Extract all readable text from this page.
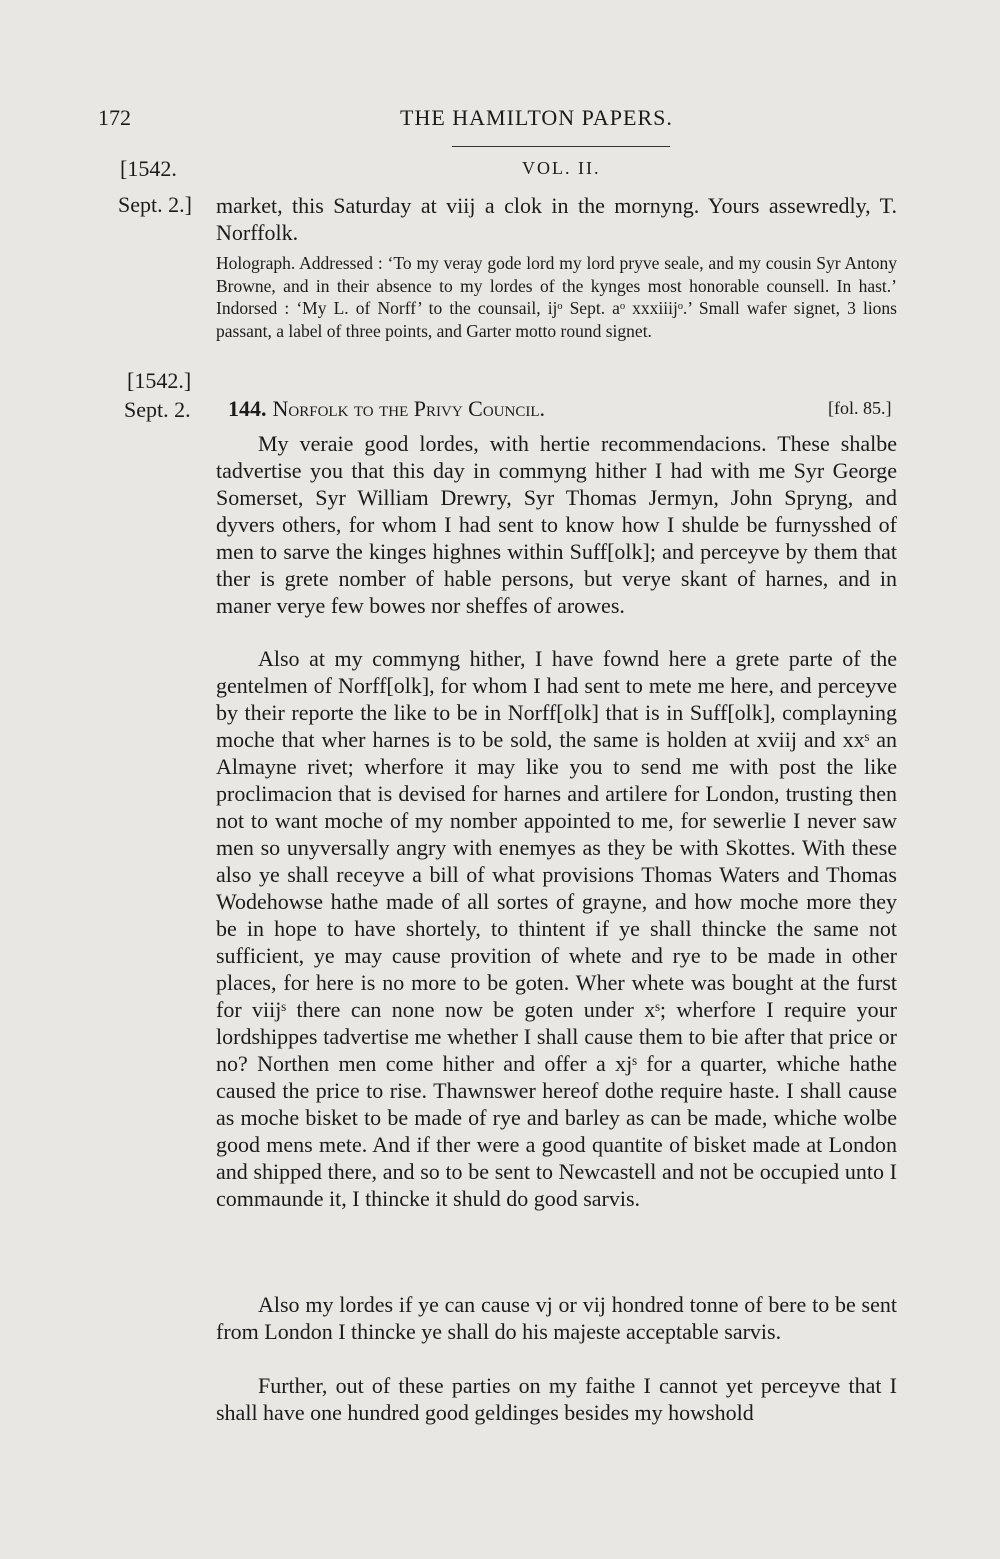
172	THE HAMILTON PAPERS.
[1542.	VOL. II.
Sept. 2.] market, this Saturday at viij a clok in the mornyng. Yours assewredly, T. Norffolk.
Holograph. Addressed : ‘To my veray gode lord my lord pryve seale, and my cousin Syr Antony Browne, and in their absence to my lordes of the kynges most honorable counsell. In hast.’ Indorsed : ‘My L. of Norff’ to the counsail, ijᵒ Sept. aᵒ xxxiiijᵒ.’ Small wafer signet, 3 lions passant, a label of three points, and Garter motto round signet.
[1542.]
Sept. 2. 144. Norfolk to the Privy Council.	[fol. 85.]

My veraie good lordes, with hertie recommendacions. These shalbe tadvertise you that this day in commyng hither I had with me Syr George Somerset, Syr William Drewry, Syr Thomas Jermyn, John Spryng, and dyvers others, for whom I had sent to know how I shulde be furnysshed of men to sarve the kinges highnes within Suff[olk]; and perceyve by them that ther is grete nomber of hable persons, but verye skant of harnes, and in maner verye few bowes nor sheffes of arowes.

Also at my commyng hither, I have fownd here a grete parte of the gentelmen of Norff[olk], for whom I had sent to mete me here, and perceyve by their reporte the like to be in Norff[olk] that is in Suff[olk], complayning moche that wher harnes is to be sold, the same is holden at xviij and xxˢ an Almayne rivet; wherfore it may like you to send me with post the like proclimacion that is devised for harnes and artilere for London, trusting then not to want moche of my nomber appointed to me, for sewerlie I never saw men so unyversally angry with enemyes as they be with Skottes. With these also ye shall receyve a bill of what provisions Thomas Waters and Thomas Wodehowse hathe made of all sortes of grayne, and how moche more they be in hope to have shortely, to thintent if ye shall thincke the same not sufficient, ye may cause provition of whete and rye to be made in other places, for here is no more to be goten. Wher whete was bought at the furst for viijˢ there can none now be goten under xˢ; wherfore I require your lordshippes tadvertise me whether I shall cause them to bie after that price or no? Northen men come hither and offer a xjˢ for a quarter, whiche hathe caused the price to rise. Thawnswer hereof dothe require haste. I shall cause as moche bisket to be made of rye and barley as can be made, whiche wolbe good mens mete. And if ther were a good quantite of bisket made at London and shipped there, and so to be sent to Newcastell and not be occupied unto I commaunde it, I thincke it shuld do good sarvis.

Also my lordes if ye can cause vj or vij hondred tonne of bere to be sent from London I thincke ye shall do his majeste acceptable sarvis.

Further, out of these parties on my faithe I cannot yet perceyve that I shall have one hundred good geldinges besides my howshold
